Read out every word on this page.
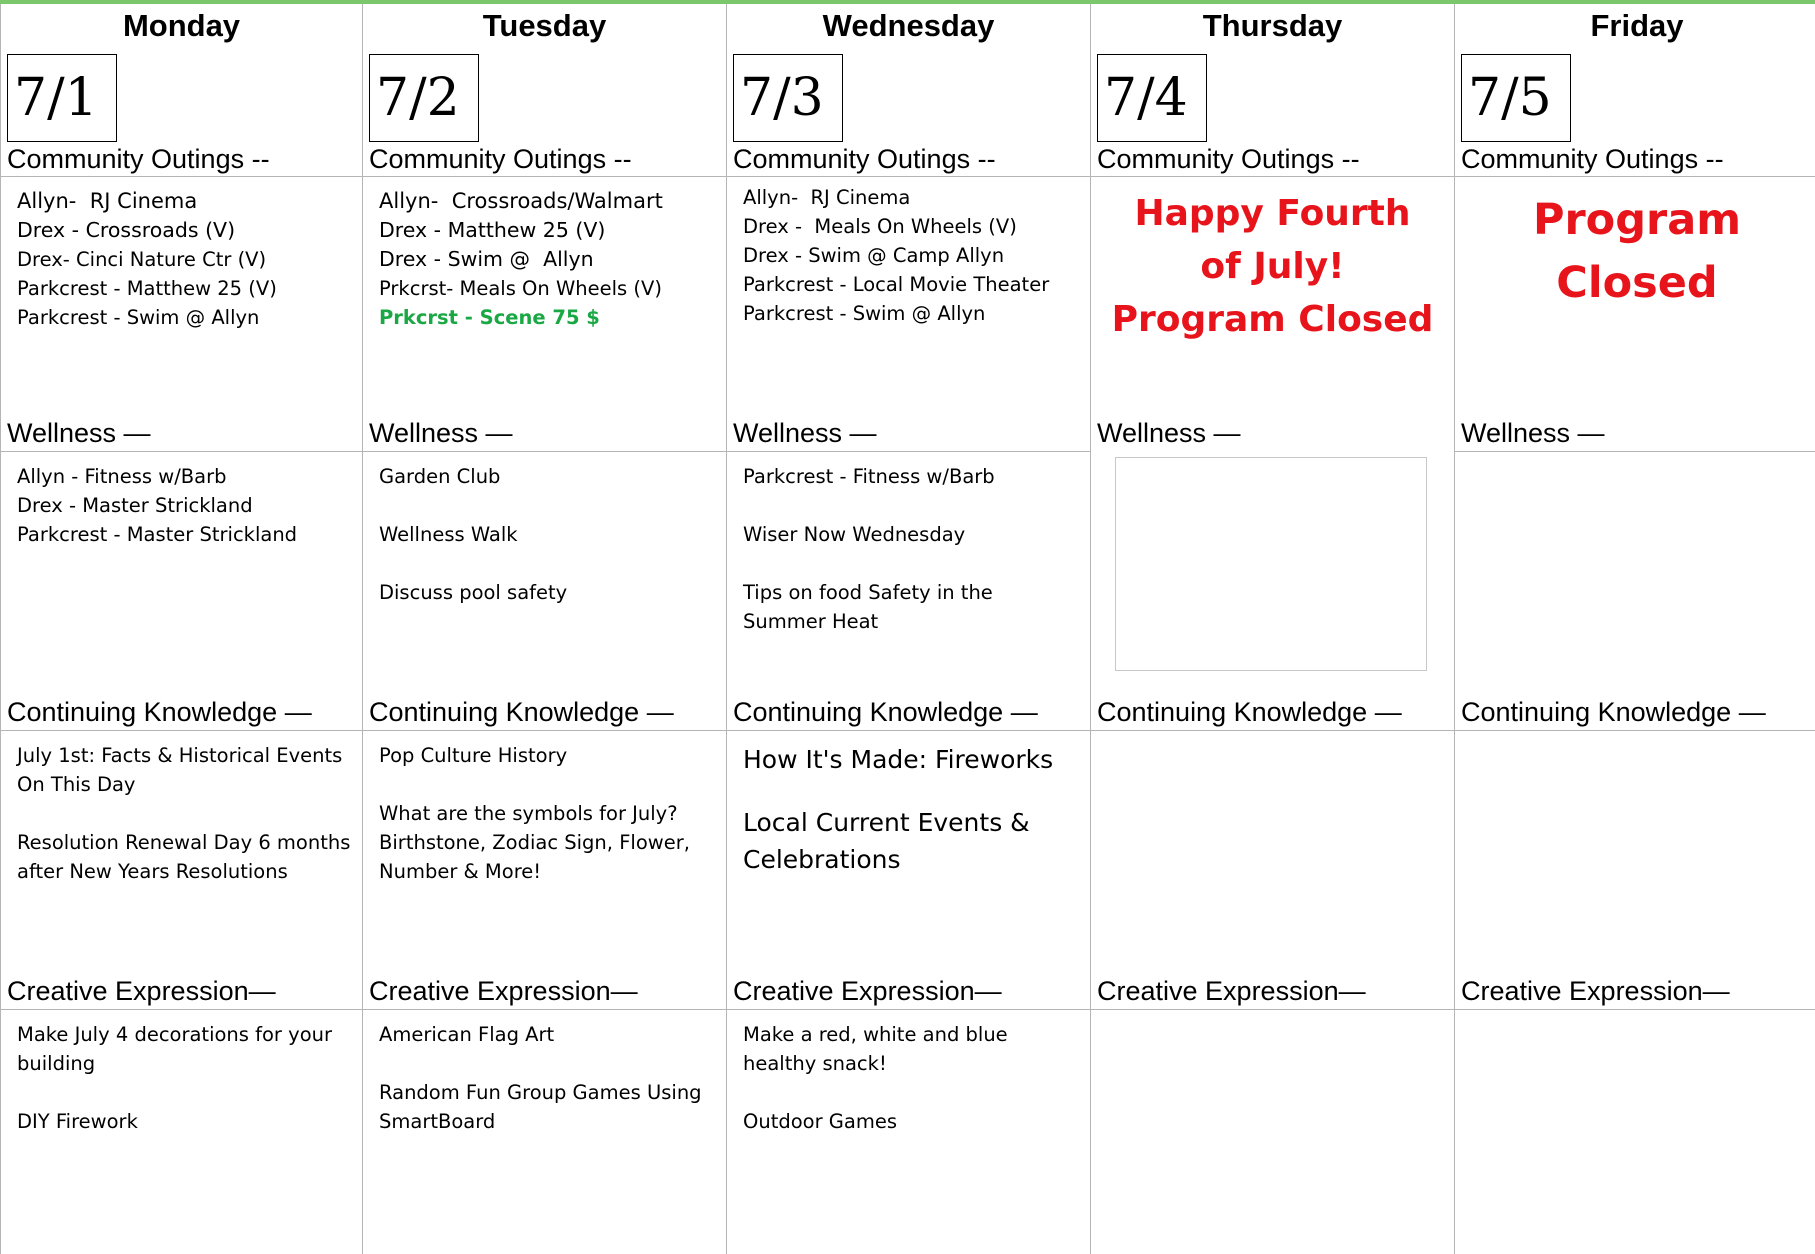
Monday
7/1
Community Outings --
Allyn-  RJ Cinema
Drex - Crossroads (V)
Drex- Cinci Nature Ctr (V)
Parkcrest - Matthew 25 (V)
Parkcrest - Swim @ Allyn
Wellness —
Allyn - Fitness w/Barb
Drex - Master Strickland
Parkcrest - Master Strickland
Continuing Knowledge —
July 1st: Facts & Historical Events On This Day
Resolution Renewal Day 6 months after New Years Resolutions
Creative Expression—
Make July 4 decorations for your building
DIY Firework
Tuesday
7/2
Community Outings --
Allyn-  Crossroads/Walmart
Drex - Matthew 25 (V)
Drex - Swim @  Allyn
Prkcrst- Meals On Wheels (V)
Prkcrst - Scene 75 $
Wellness —
Garden Club
Wellness Walk
Discuss pool safety
Continuing Knowledge —
Pop Culture History
What are the symbols for July? Birthstone, Zodiac Sign, Flower, Number & More!
Creative Expression—
American Flag Art
Random Fun Group Games Using SmartBoard
Wednesday
7/3
Community Outings --
Allyn-  RJ Cinema
Drex -  Meals On Wheels (V)
Drex - Swim @ Camp Allyn
Parkcrest - Local Movie Theater
Parkcrest - Swim @ Allyn
Wellness —
Parkcrest - Fitness w/Barb
Wiser Now Wednesday
Tips on food Safety in the Summer Heat
Continuing Knowledge —
How It's Made: Fireworks
Local Current Events & Celebrations
Creative Expression—
Make a red, white and blue healthy snack!
Outdoor Games
Thursday
7/4
Community Outings --
Happy Fourth
of July!
Program Closed
Wellness —
Continuing Knowledge —
Creative Expression—
Friday
7/5
Community Outings --
Program
Closed
Wellness —
Continuing Knowledge —
Creative Expression—
